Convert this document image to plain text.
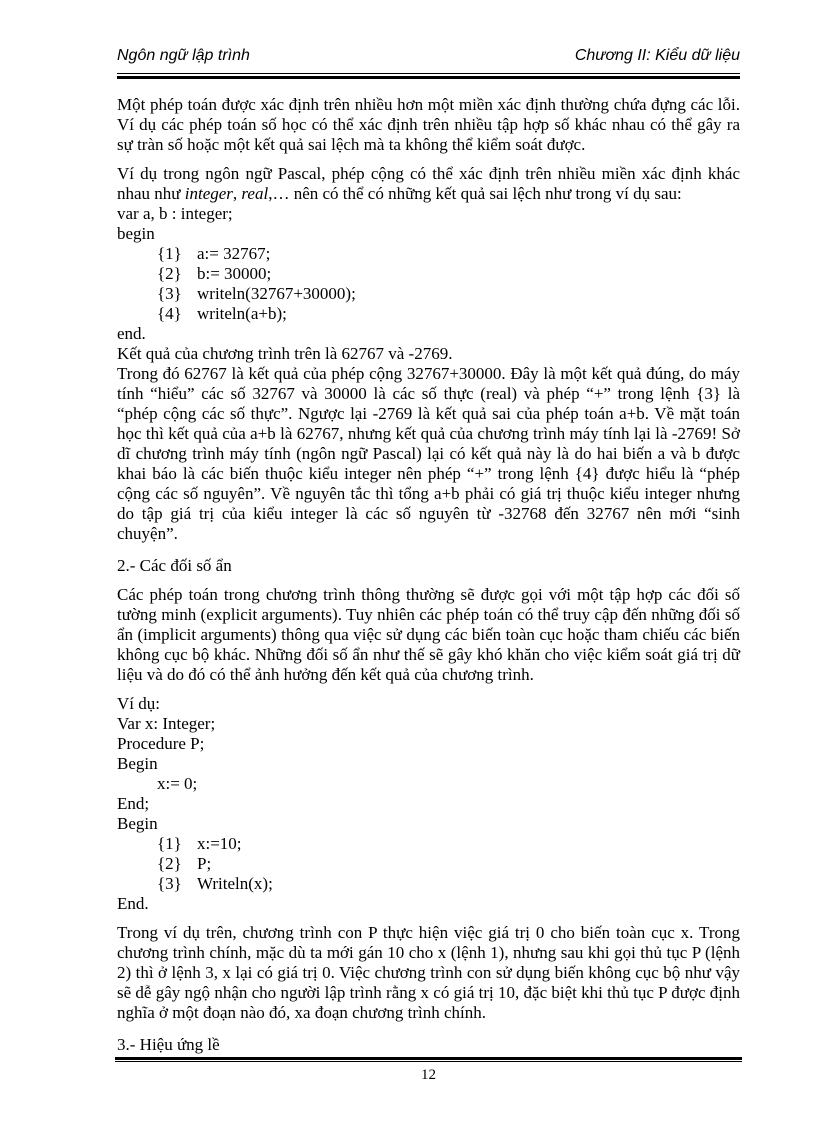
Ngôn ngữ lập trình	Chương II: Kiểu dữ liệu

Một phép toán được xác định trên nhiều hơn một miền xác định thường chứa đựng các lỗi. Ví dụ các phép toán số học có thể xác định trên nhiều tập hợp số khác nhau có thể gây ra sự tràn số hoặc một kết quả sai lệch mà ta không thể kiểm soát được.

Ví dụ trong ngôn ngữ Pascal, phép cộng có thể xác định trên nhiều miền xác định khác nhau như integer, real,… nên có thể có những kết quả sai lệch như trong ví dụ sau:

var a, b : integer;
begin
{1} a:= 32767;
{2} b:= 30000;
{3} writeln(32767+30000);
{4} writeln(a+b);
end.

Kết quả của chương trình trên là 62767 và -2769.

Trong đó 62767 là kết quả của phép cộng 32767+30000. Đây là một kết quả đúng, do máy tính “hiểu” các số 32767 và 30000 là các số thực (real) và phép “+” trong lệnh {3} là “phép cộng các số thực”. Ngược lại -2769 là kết quả sai của phép toán a+b. Về mặt toán học thì kết quả của a+b là 62767, nhưng kết quả của chương trình máy tính lại là -2769! Sở dĩ chương trình máy tính (ngôn ngữ Pascal) lại có kết quả này là do hai biến a và b được khai báo là các biến thuộc kiểu integer nên phép “+” trong lệnh {4} được hiểu là “phép cộng các số nguyên”. Về nguyên tắc thì tổng a+b phải có giá trị thuộc kiểu integer nhưng do tập giá trị của kiểu integer là các số nguyên từ -32768 đến 32767 nên mới “sinh chuyện”.

2.- Các đối số ẩn

Các phép toán trong chương trình thông thường sẽ được gọi với một tập hợp các đối số tường minh (explicit arguments). Tuy nhiên các phép toán có thể truy cập đến những đối số ẩn (implicit arguments) thông qua việc sử dụng các biến toàn cục hoặc tham chiếu các biến không cục bộ khác. Những đối số ẩn như thế sẽ gây khó khăn cho việc kiểm soát giá trị dữ liệu và do đó có thể ảnh hưởng đến kết quả của chương trình.

Ví dụ:

Var x: Integer;
Procedure P;
Begin
x:= 0;
End;
Begin
{1} x:=10;
{2} P;
{3} Writeln(x);
End.

Trong ví dụ trên, chương trình con P thực hiện việc giá trị 0 cho biến toàn cục x. Trong chương trình chính, mặc dù ta mới gán 10 cho x (lệnh 1), nhưng sau khi gọi thủ tục P (lệnh 2) thì ở lệnh 3, x lại có giá trị 0. Việc chương trình con sử dụng biến không cục bộ như vậy sẽ dễ gây ngộ nhận cho người lập trình rằng x có giá trị 10, đặc biệt khi thủ tục P được định nghĩa ở một đoạn nào đó, xa đoạn chương trình chính.

3.- Hiệu ứng lề

12
